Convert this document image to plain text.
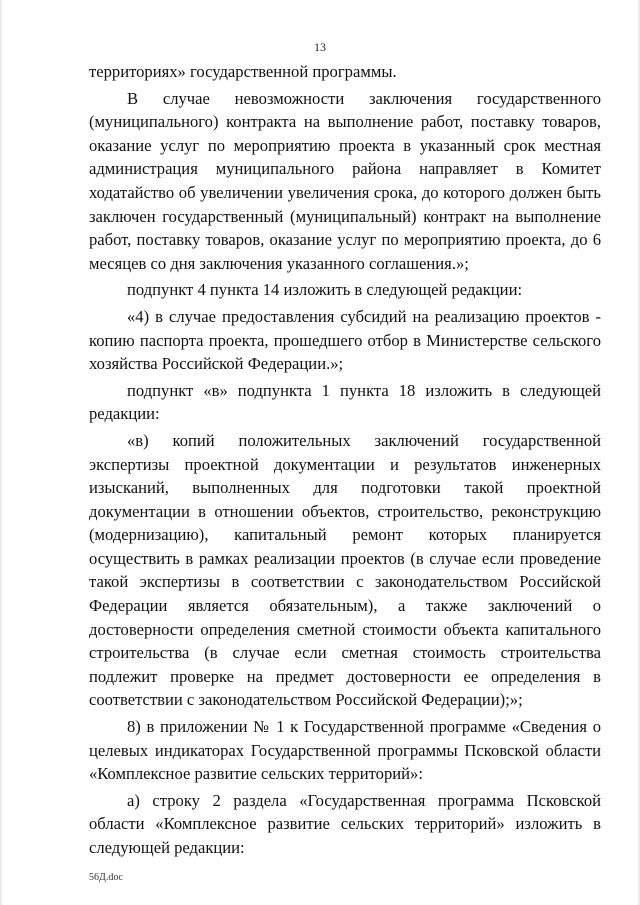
13

территориях» государственной программы.

В случае невозможности заключения государственного (муниципального) контракта на выполнение работ, поставку товаров, оказание услуг по мероприятию проекта в указанный срок местная администрация муниципального района направляет в Комитет ходатайство об увеличении увеличения срока, до которого должен быть заключен государственный (муниципальный) контракт на выполнение работ, поставку товаров, оказание услуг по мероприятию проекта, до 6 месяцев со дня заключения указанного соглашения.»;

подпункт 4 пункта 14 изложить в следующей редакции:

«4) в случае предоставления субсидий на реализацию проектов - копию паспорта проекта, прошедшего отбор в Министерстве сельского хозяйства Российской Федерации.»;

подпункт «в» подпункта 1 пункта 18 изложить в следующей редакции:

«в) копий положительных заключений государственной экспертизы проектной документации и результатов инженерных изысканий, выполненных для подготовки такой проектной документации в отношении объектов, строительство, реконструкцию (модернизацию), капитальный ремонт которых планируется осуществить в рамках реализации проектов (в случае если проведение такой экспертизы в соответствии с законодательством Российской Федерации является обязательным), а также заключений о достоверности определения сметной стоимости объекта капитального строительства (в случае если сметная стоимость строительства подлежит проверке на предмет достоверности ее определения в соответствии с законодательством Российской Федерации);»;

8) в приложении № 1 к Государственной программе «Сведения о целевых индикаторах Государственной программы Псковской области «Комплексное развитие сельских территорий»:

а) строку 2 раздела «Государственная программа Псковской области «Комплексное развитие сельских территорий» изложить в следующей редакции:

56Д.doc
